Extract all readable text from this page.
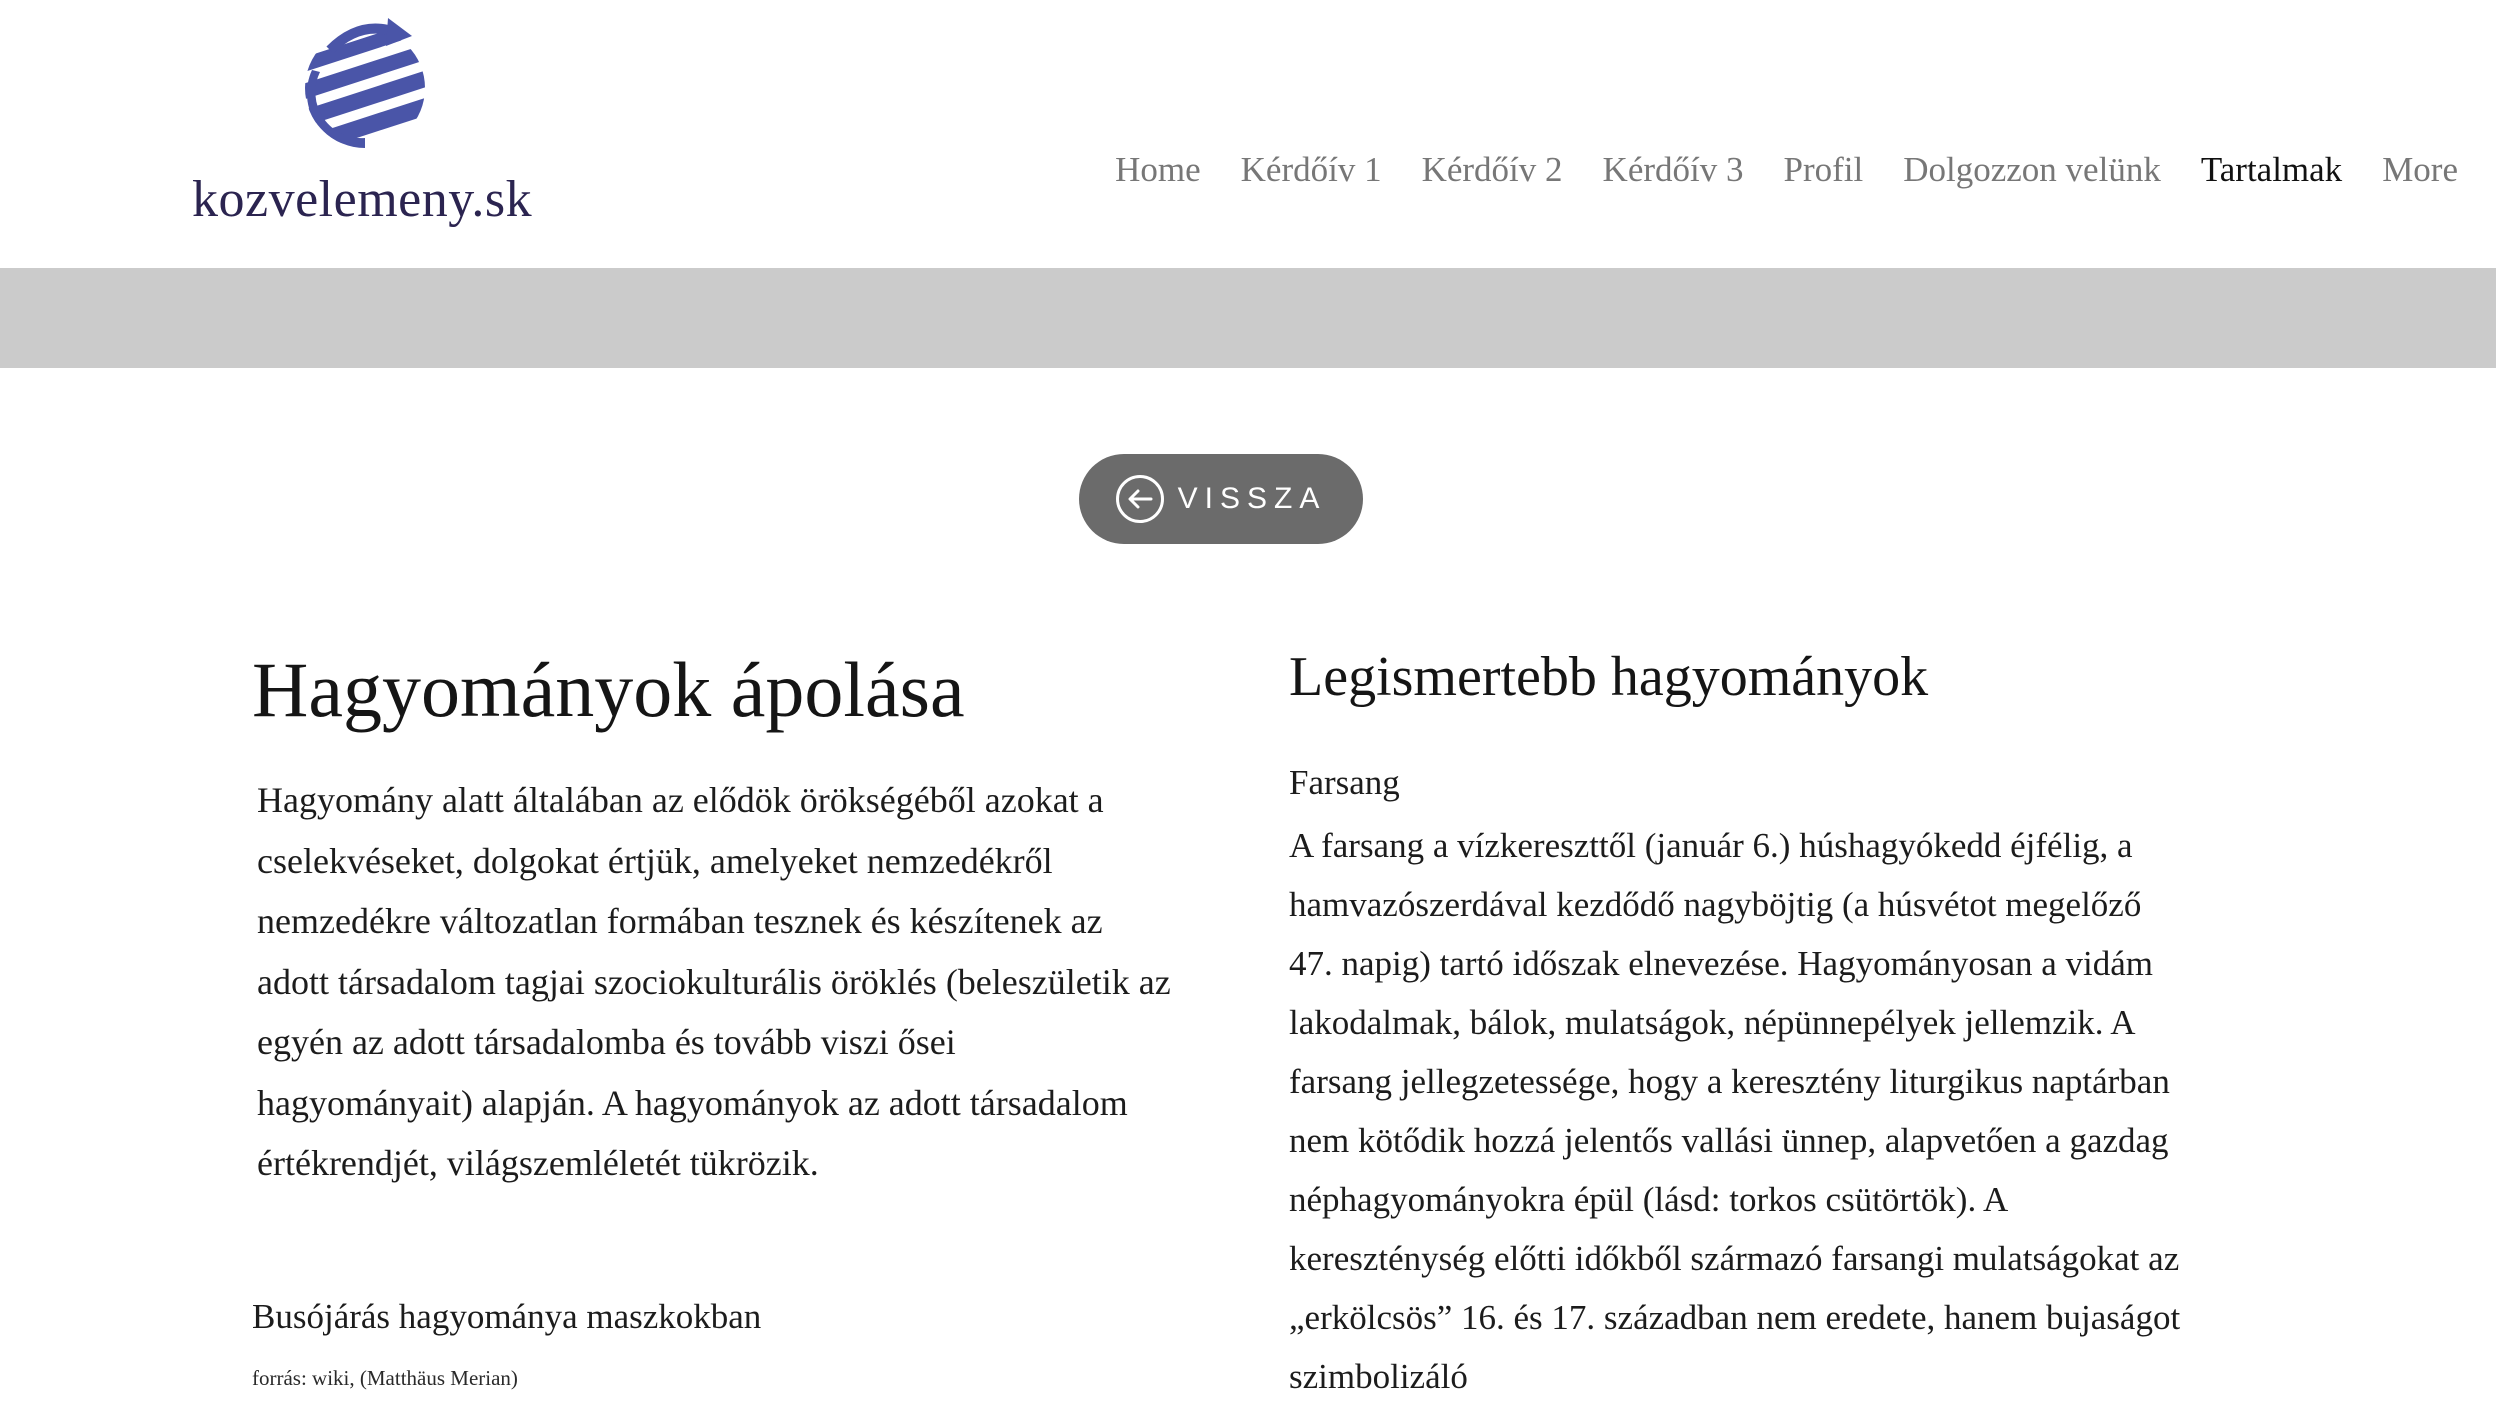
kozvelemeny.sk
Home Kérdőív 1 Kérdőív 2 Kérdőív 3 Profil Dolgozzon velünk Tartalmak More
VISSZA
Hagyományok ápolása

Hagyomány alatt általában az elődök örökségéből azokat a cselekvéseket, dolgokat értjük, amelyeket nemzedékről nemzedékre változatlan formában tesznek és készítenek az adott társadalom tagjai szociokulturális öröklés (beleszületik az egyén az adott társadalomba és tovább viszi ősei hagyományait) alapján. A hagyományok az adott társadalom értékrendjét, világszemléletét tükrözik.

Busójárás hagyománya maszkokban

forrás: wiki, (Matthäus Merian)

Legismertebb hagyományok

Farsang

A farsang a vízkereszttől (január 6.) húshagyókedd éjfélig, a hamvazószerdával kezdődő nagyböjtig (a húsvétot megelőző 47. napig) tartó időszak elnevezése. Hagyományosan a vidám lakodalmak, bálok, mulatságok, népünnepélyek jellemzik. A farsang jellegzetessége, hogy a keresztény liturgikus naptárban nem kötődik hozzá jelentős vallási ünnep, alapvetően a gazdag néphagyományokra épül (lásd: torkos csütörtök). A kereszténység előtti időkből származó farsangi mulatságokat az „erkölcsös” 16. és 17. században nem eredete, hanem bujaságot szimbolizáló
